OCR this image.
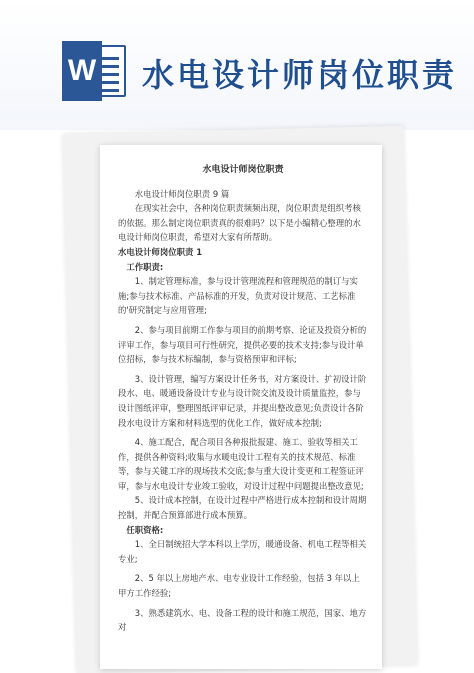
W 水电设计师岗位职责
水电设计师岗位职责
水电设计师岗位职责 9 篇
在现实社会中，各种岗位职责频频出现，岗位职责是组织考核的依据。那么制定岗位职责真的很难吗？以下是小编精心整理的水电设计师岗位职责，希望对大家有所帮助。
水电设计师岗位职责 1
工作职责:
1、制定管理标准，参与设计管理流程和管理规范的制订与实施;参与技术标准、产品标准的开发，负责对设计规范、工艺标准的'研究制定与应用管理;
2、参与项目前期工作参与项目的前期考察、论证及投资分析的评审工作，参与项目可行性研究，提供必要的技术支持;参与设计单位招标，参与技术标编制，参与资格预审和评标;
3、设计管理，编写方案设计任务书，对方案设计、扩初设计阶段水、电、暖通设备设计专业与设计院交流及设计质量监控，参与设计图纸评审，整理图纸评审记录，并提出整改意见;负责设计各阶段水电设计方案和材料选型的优化工作，做好成本控制;
4、施工配合，配合项目各种报批报建、施工、验收等相关工作，提供各种资料;收集与水暖电设计工程有关的技术规范、标准等，参与关键工序的现场技术交底;参与重大设计变更和工程签证评审，参与水电设计专业竣工验收，对设计过程中问题提出整改意见;
5、设计成本控制，在设计过程中严格进行成本控制和设计周期控制，并配合预算部进行成本预算。
任职资格:
1、全日制统招大学本科以上学历，暖通设备、机电工程等相关专业;
2、5 年以上房地产水、电专业设计工作经验，包括 3 年以上甲方工作经验;
3、熟悉建筑水、电、设备工程的设计和施工规范，国家、地方对
